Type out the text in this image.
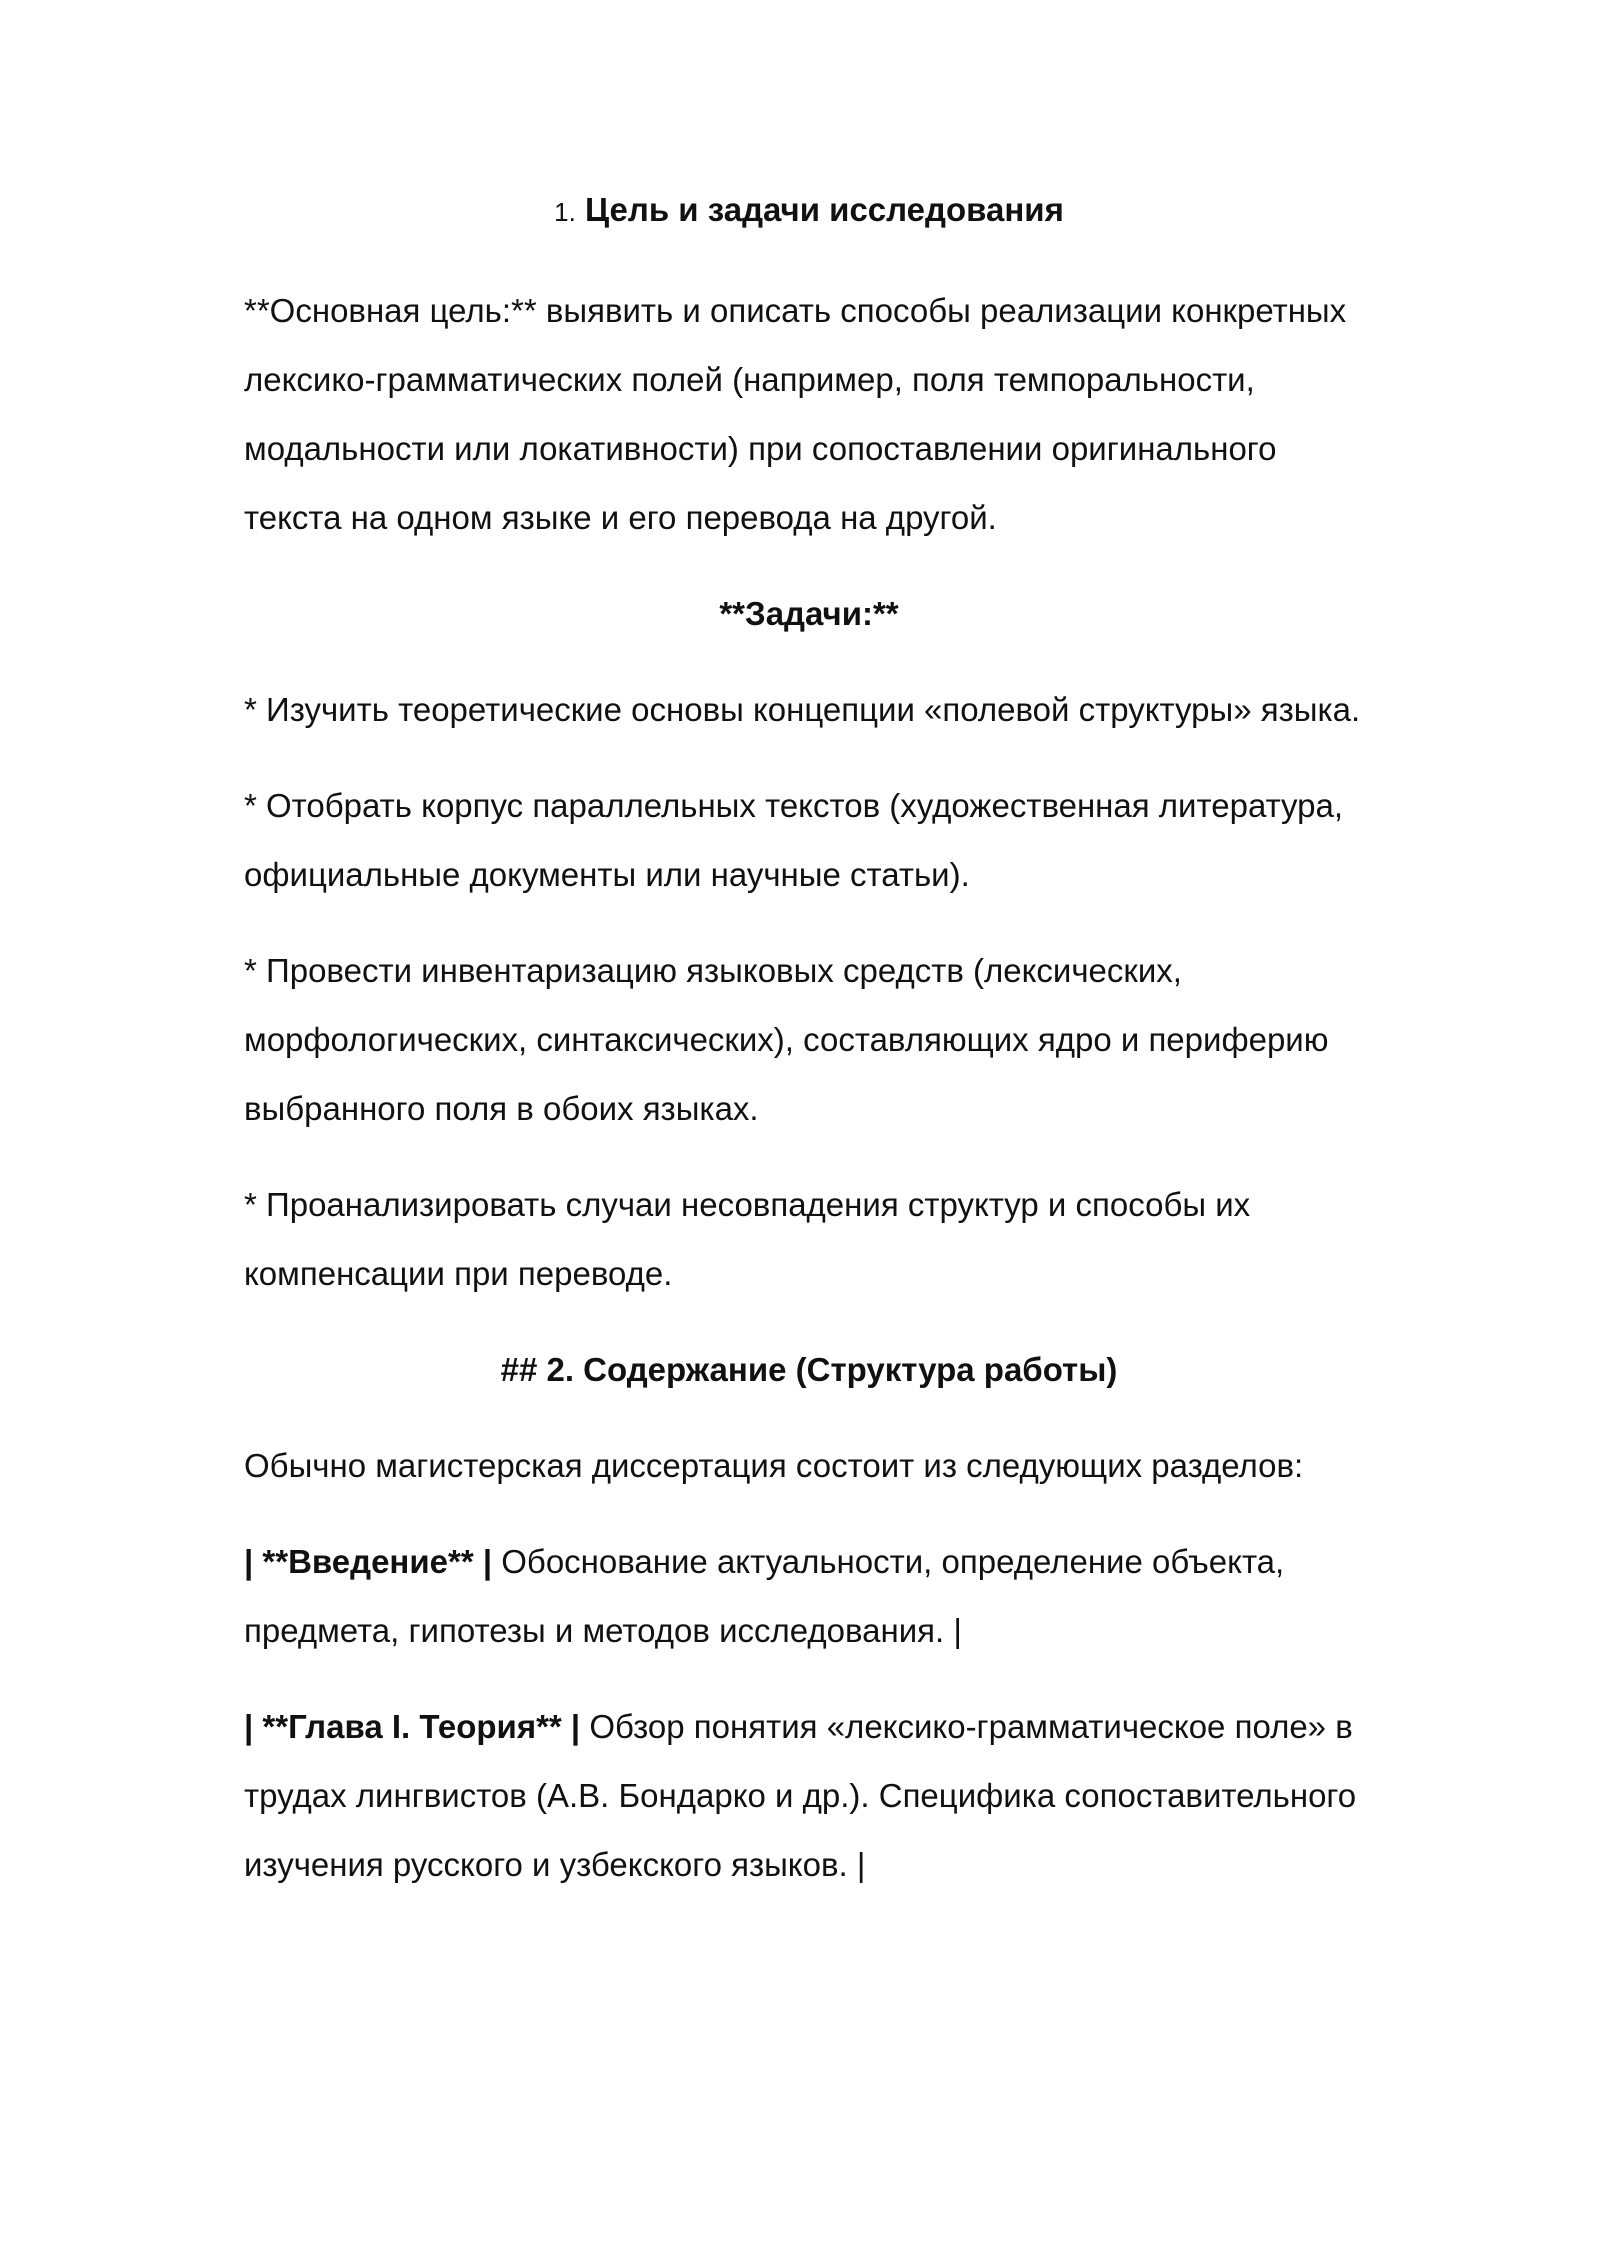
1. Цель и задачи исследования

**Основная цель:** выявить и описать способы реализации конкретных лексико-грамматических полей (например, поля темпоральности, модальности или локативности) при сопоставлении оригинального текста на одном языке и его перевода на другой.

**Задачи:**

* Изучить теоретические основы концепции «полевой структуры» языка.

* Отобрать корпус параллельных текстов (художественная литература, официальные документы или научные статьи).

* Провести инвентаризацию языковых средств (лексических, морфологических, синтаксических), составляющих ядро и периферию выбранного поля в обоих языках.

* Проанализировать случаи несовпадения структур и способы их компенсации при переводе.

## 2. Содержание (Структура работы)

Обычно магистерская диссертация состоит из следующих разделов:

| **Введение** | Обоснование актуальности, определение объекта, предмета, гипотезы и методов исследования. |

| **Глава I. Теория** | Обзор понятия «лексико-грамматическое поле» в трудах лингвистов (А.В. Бондарко и др.). Специфика сопоставительного изучения русского и узбекского языков. |
